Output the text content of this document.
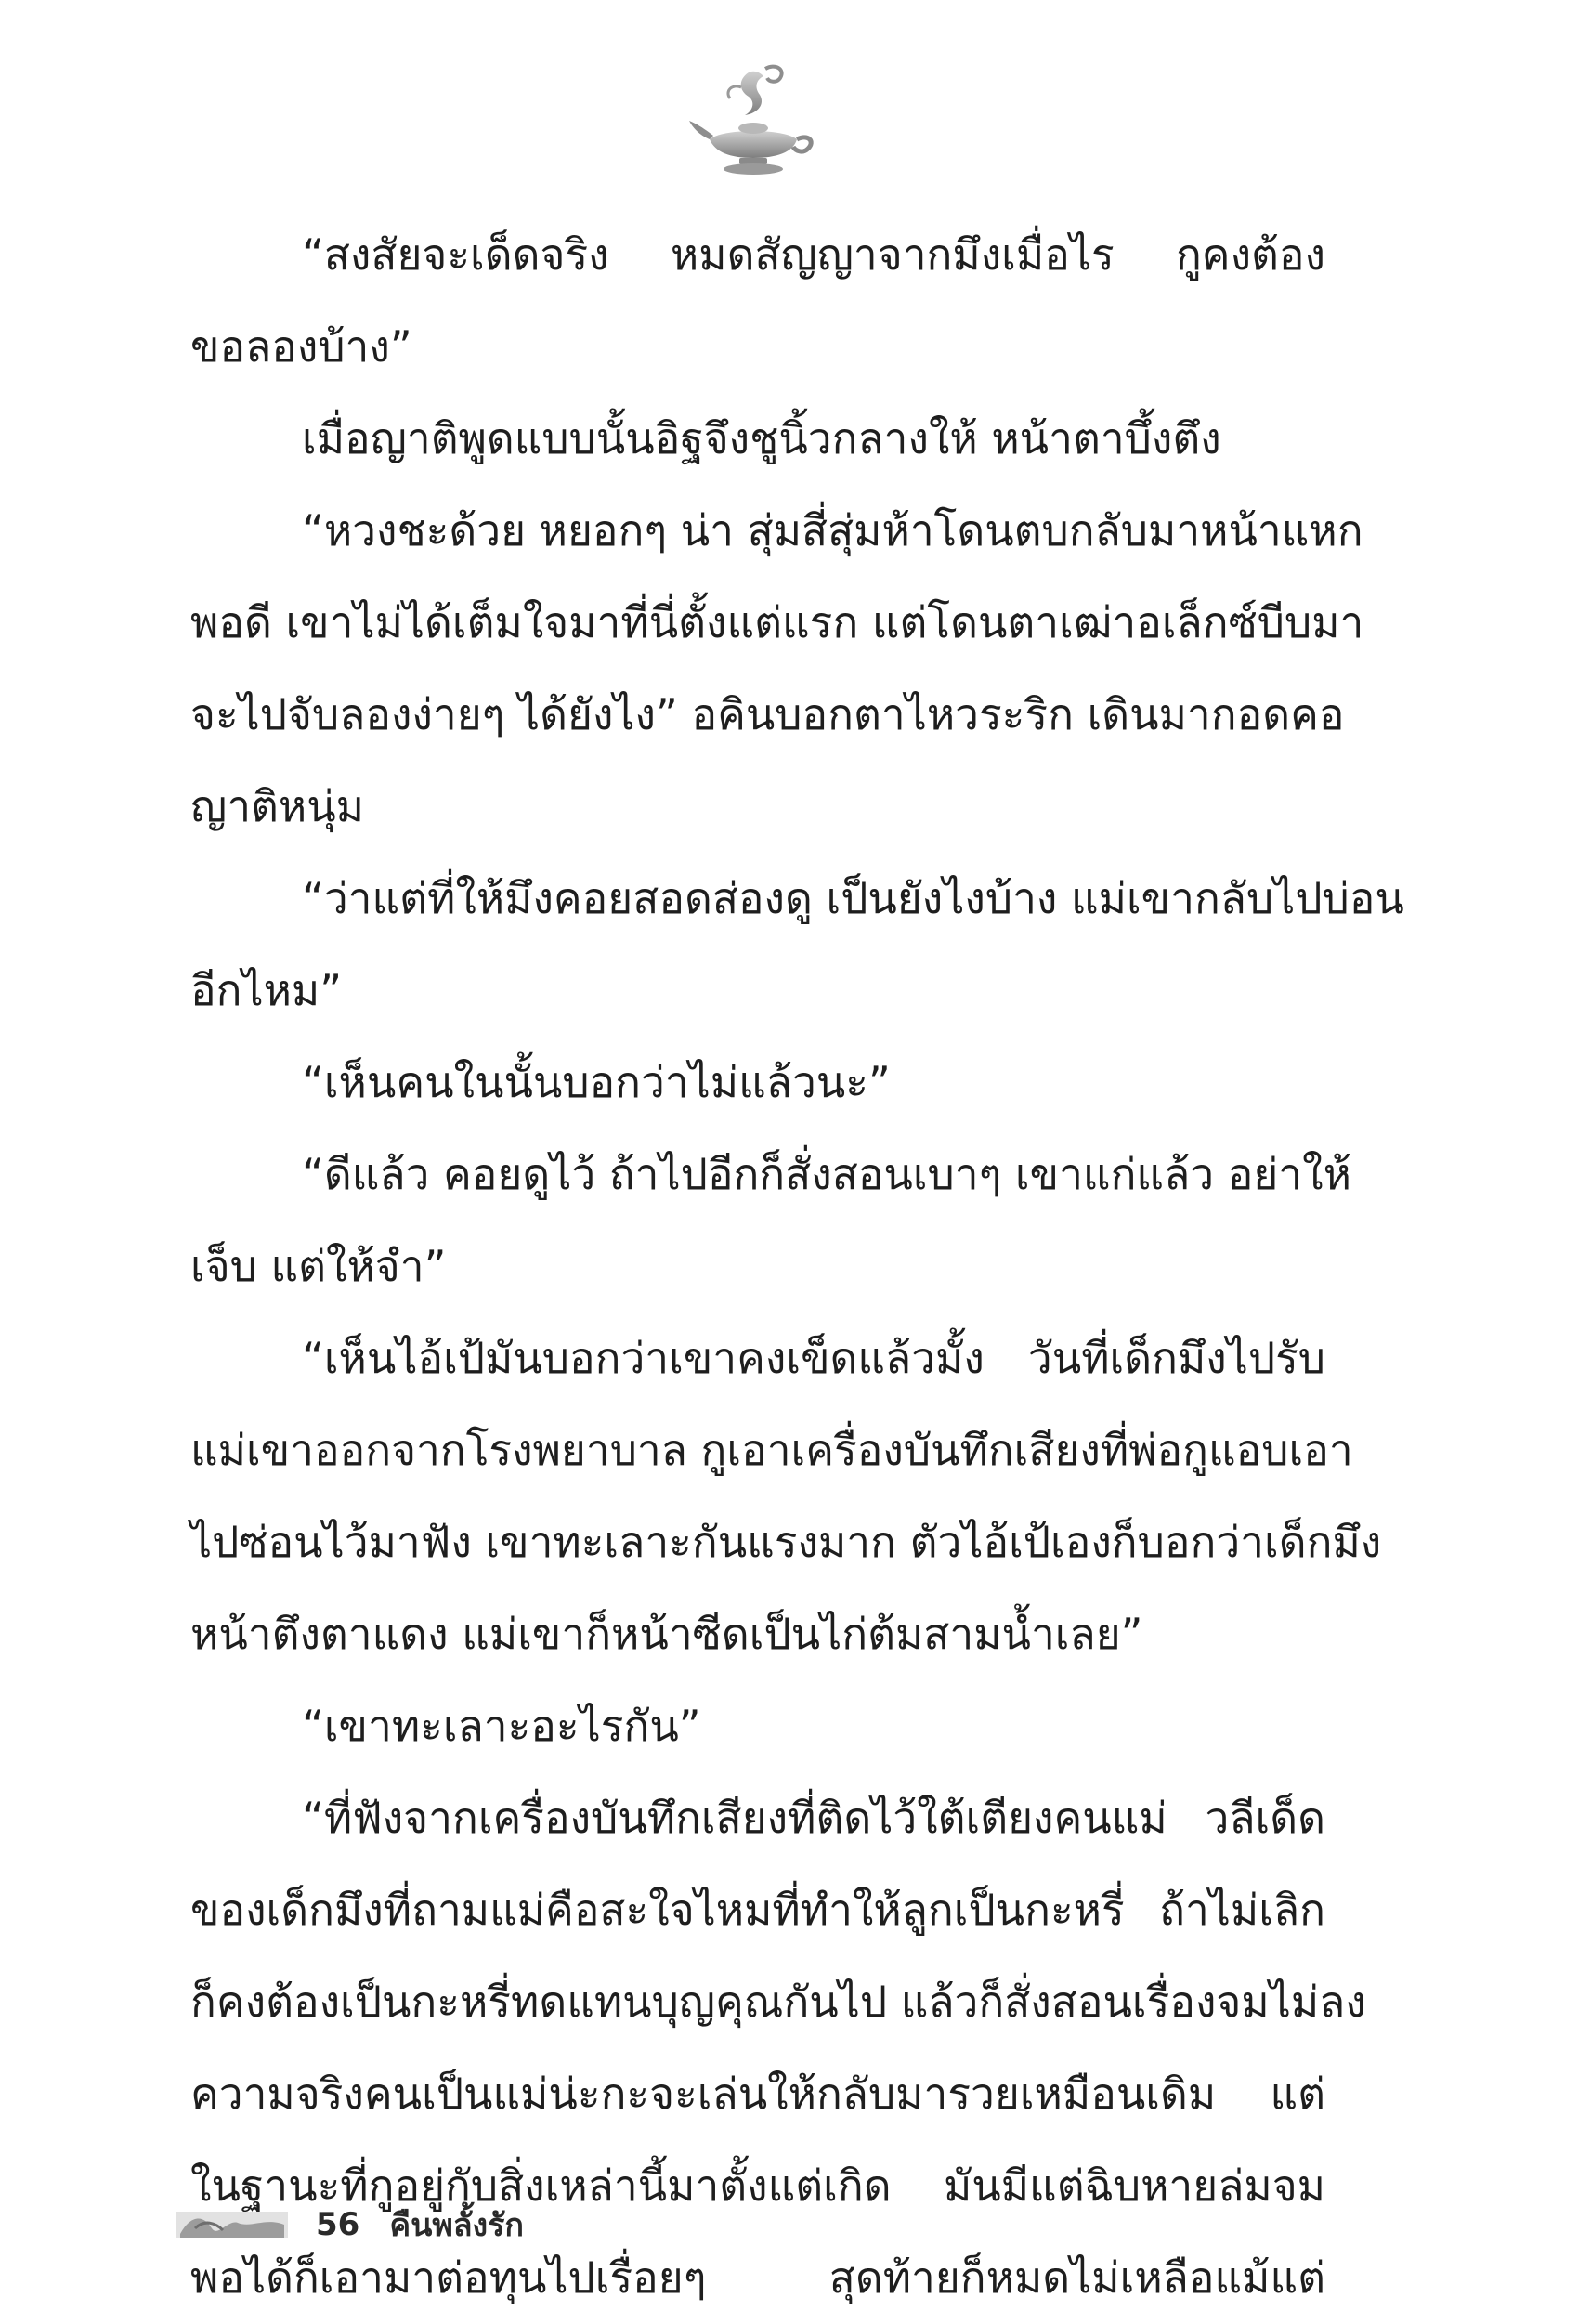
“สงสัยจะเด็ดจริง หมดสัญญาจากมึงเมื่อไร กูคงต้อง
ขอลองบ้าง”
เมื่อญาติพูดแบบนั้นอิฐจึงชูนิ้วกลางให้ หน้าตาบึ้งตึง
“หวงชะด้วย หยอกๆ น่า สุ่มสี่สุ่มห้าโดนตบกลับมาหน้าแหก
พอดี เขาไม่ได้เต็มใจมาที่นี่ตั้งแต่แรก แต่โดนตาเฒ่าอเล็กซ์บีบมา
จะไปจับลองง่ายๆ ได้ยังไง” อคินบอกตาไหวระริก เดินมากอดคอ
ญาติหนุ่ม
“ว่าแต่ที่ให้มึงคอยสอดส่องดู เป็นยังไงบ้าง แม่เขากลับไปบ่อน
อีกไหม”
“เห็นคนในนั้นบอกว่าไม่แล้วนะ”
“ดีแล้ว คอยดูไว้ ถ้าไปอีกก็สั่งสอนเบาๆ เขาแก่แล้ว อย่าให้
เจ็บ แต่ให้จำ”
“เห็นไอ้เป้มันบอกว่าเขาคงเข็ดแล้วมั้ง วันที่เด็กมึงไปรับ
แม่เขาออกจากโรงพยาบาล กูเอาเครื่องบันทึกเสียงที่พ่อกูแอบเอา
ไปซ่อนไว้มาฟัง เขาทะเลาะกันแรงมาก ตัวไอ้เป้เองก็บอกว่าเด็กมึง
หน้าตึงตาแดง แม่เขาก็หน้าซีดเป็นไก่ต้มสามน้ำเลย”
“เขาทะเลาะอะไรกัน”
“ที่ฟังจากเครื่องบันทึกเสียงที่ติดไว้ใต้เตียงคนแม่ วลีเด็ด
ของเด็กมึงที่ถามแม่คือสะใจไหมที่ทำให้ลูกเป็นกะหรี่ ถ้าไม่เลิก
ก็คงต้องเป็นกะหรี่ทดแทนบุญคุณกันไป แล้วก็สั่งสอนเรื่องจมไม่ลง
ความจริงคนเป็นแม่น่ะกะจะเล่นให้กลับมารวยเหมือนเดิม แต่
ในฐานะที่กูอยู่กับสิ่งเหล่านี้มาตั้งแต่เกิด มันมีแต่ฉิบหายล่มจม
พอได้ก็เอามาต่อทุนไปเรื่อยๆ สุดท้ายก็หมดไม่เหลือแม้แต่
56 คืนพลั้งรัก
